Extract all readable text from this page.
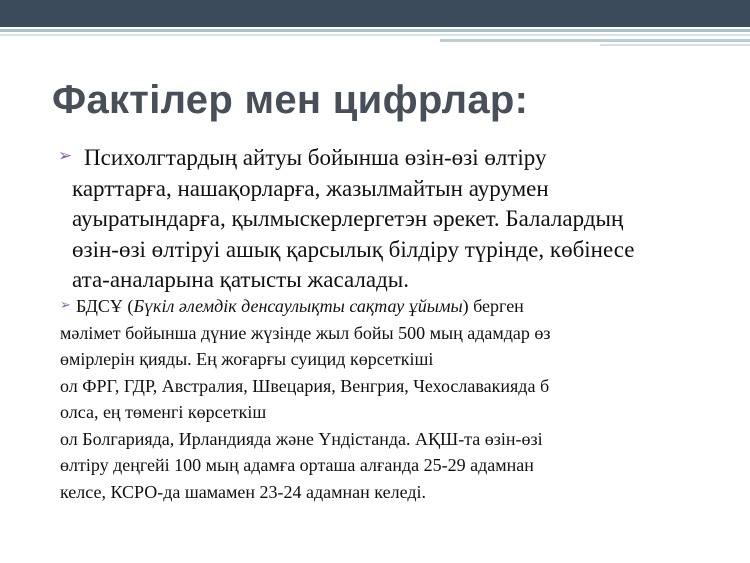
Фактілер мен цифрлар:
➢ Психолгтардың айтуы бойынша өзін-өзі өлтіру
карттарға, нашақорларға, жазылмайтын аурумен
ауыратындарға, қылмыскерлергетэн әрекет. Балалардың
өзін-өзі өлтіруі ашық қарсылық білдіру түрінде, көбінесе
ата-аналарына қатысты жасалады.

➢ БДСҰ (Бүкіл әлемдік денсаулықты сақтау ұйымы) берген
мәлімет бойынша дүние жүзінде жыл бойы 500 мың адамдар өз
өмірлерін қияды. Ең жоғарғы суицид көрсеткіші
ол ФРГ, ГДР, Австралия, Швецария, Венгрия, Чехославакияда б
олса, ең төменгі көрсеткіш
ол Болгарияда, Ирландияда және Үндістанда. АҚШ-та өзін-өзі
өлтіру деңгейі 100 мың адамға орташа алғанда 25-29 адамнан
келсе, КСРО-да шамамен 23-24 адамнан келеді.
